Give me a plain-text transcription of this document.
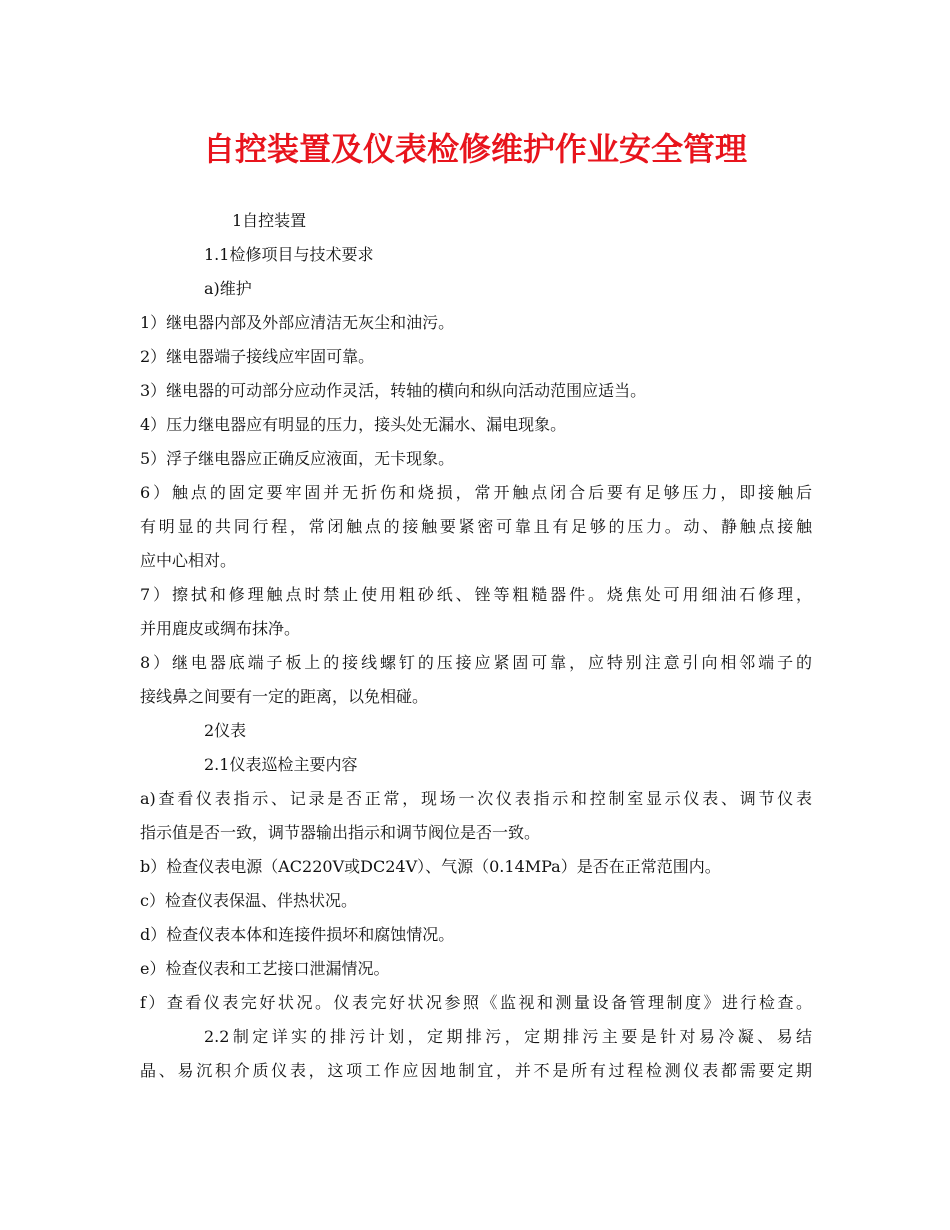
自控装置及仪表检修维护作业安全管理
1自控装置
1.1检修项目与技术要求
a)维护
1）继电器内部及外部应清洁无灰尘和油污。
2）继电器端子接线应牢固可靠。
3）继电器的可动部分应动作灵活，转轴的横向和纵向活动范围应适当。
4）压力继电器应有明显的压力，接头处无漏水、漏电现象。
5）浮子继电器应正确反应液面，无卡现象。
6）触点的固定要牢固并无折伤和烧损，常开触点闭合后要有足够压力，即接触后
有明显的共同行程，常闭触点的接触要紧密可靠且有足够的压力。动、静触点接触
应中心相对。
7）擦拭和修理触点时禁止使用粗砂纸、锉等粗糙器件。烧焦处可用细油石修理，
并用鹿皮或绸布抹净。
8）继电器底端子板上的接线螺钉的压接应紧固可靠，应特别注意引向相邻端子的
接线鼻之间要有一定的距离，以免相碰。
2仪表
2.1仪表巡检主要内容
a)查看仪表指示、记录是否正常，现场一次仪表指示和控制室显示仪表、调节仪表
指示值是否一致，调节器输出指示和调节阀位是否一致。
b）检查仪表电源（AC220V或DC24V）、气源（0.14MPa）是否在正常范围内。
c）检查仪表保温、伴热状况。
d）检查仪表本体和连接件损坏和腐蚀情况。
e）检查仪表和工艺接口泄漏情况。
f）查看仪表完好状况。仪表完好状况参照《监视和测量设备管理制度》进行检查。
2.2制定详实的排污计划，定期排污，定期排污主要是针对易冷凝、易结
晶、易沉积介质仪表，这项工作应因地制宜，并不是所有过程检测仪表都需要定期
